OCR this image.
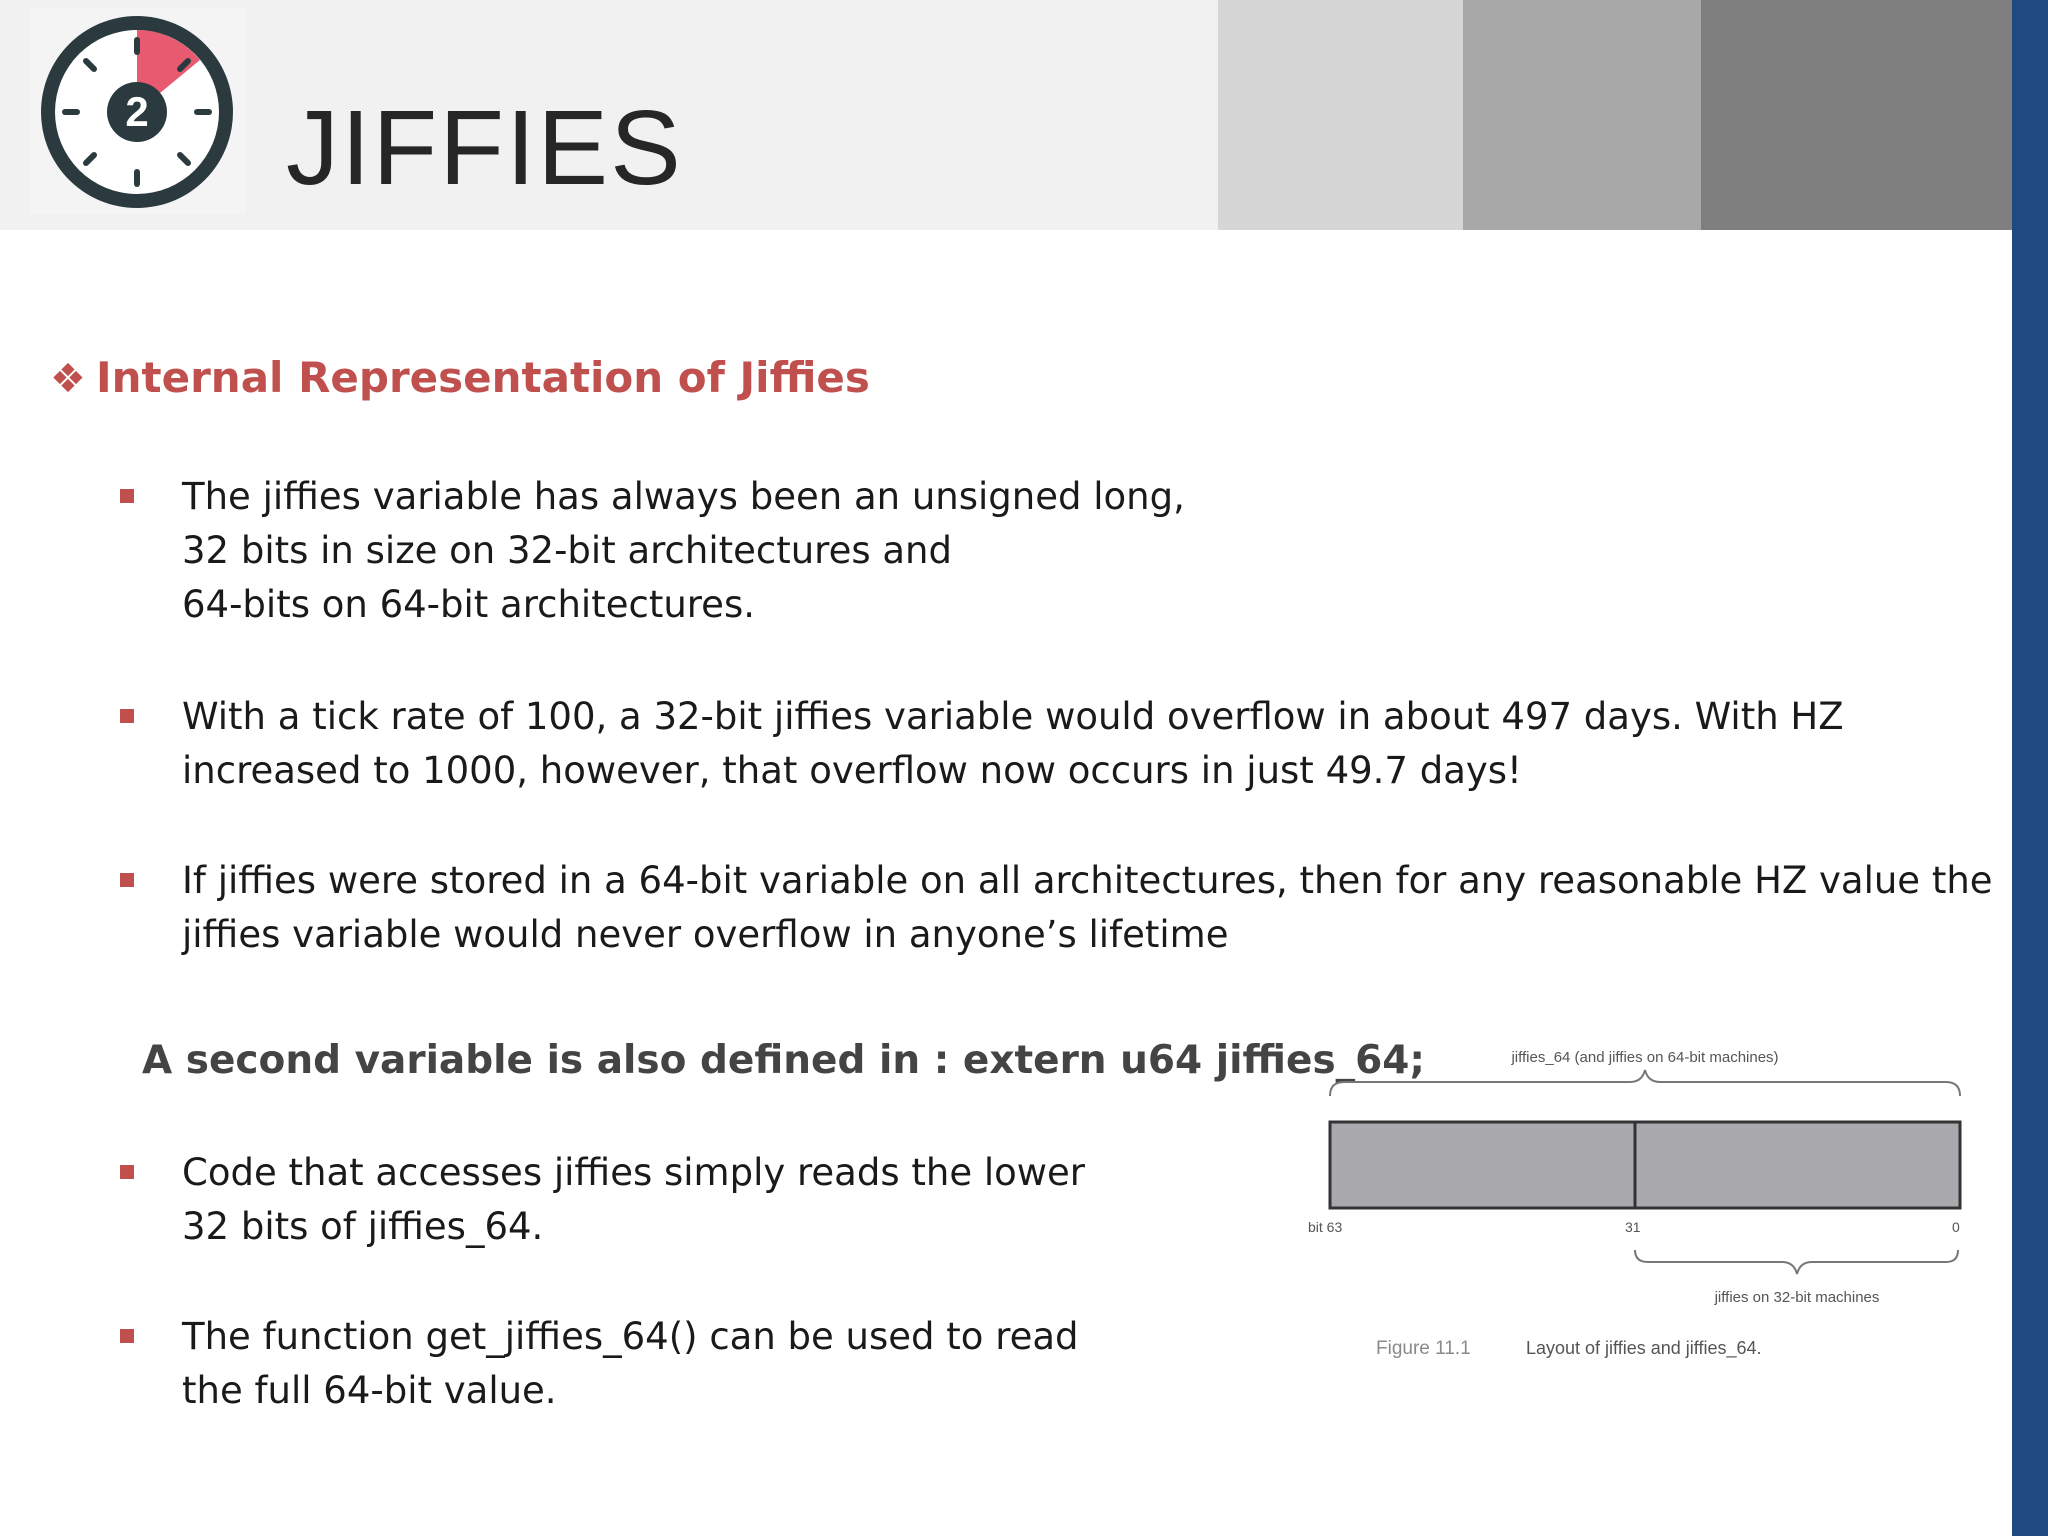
2 JIFFIES
❖ Internal Representation of Jiffies
The jiffies variable has always been an unsigned long,
32 bits in size on 32-bit architectures and
64-bits on 64-bit architectures.
With a tick rate of 100, a 32-bit jiffies variable would overflow in about 497 days. With HZ
increased to 1000, however, that overflow now occurs in just 49.7 days!
If jiffies were stored in a 64-bit variable on all architectures, then for any reasonable HZ value the
jiffies variable would never overflow in anyone’s lifetime
A second variable is also defined in : extern u64 jiffies_64;
Code that accesses jiffies simply reads the lower
32 bits of jiffies_64.
The function get_jiffies_64() can be used to read
the full 64-bit value.
jiffies_64 (and jiffies on 64-bit machines)
bit 63	31	0
jiffies on 32-bit machines
Figure 11.1	Layout of jiffies and jiffies_64.
